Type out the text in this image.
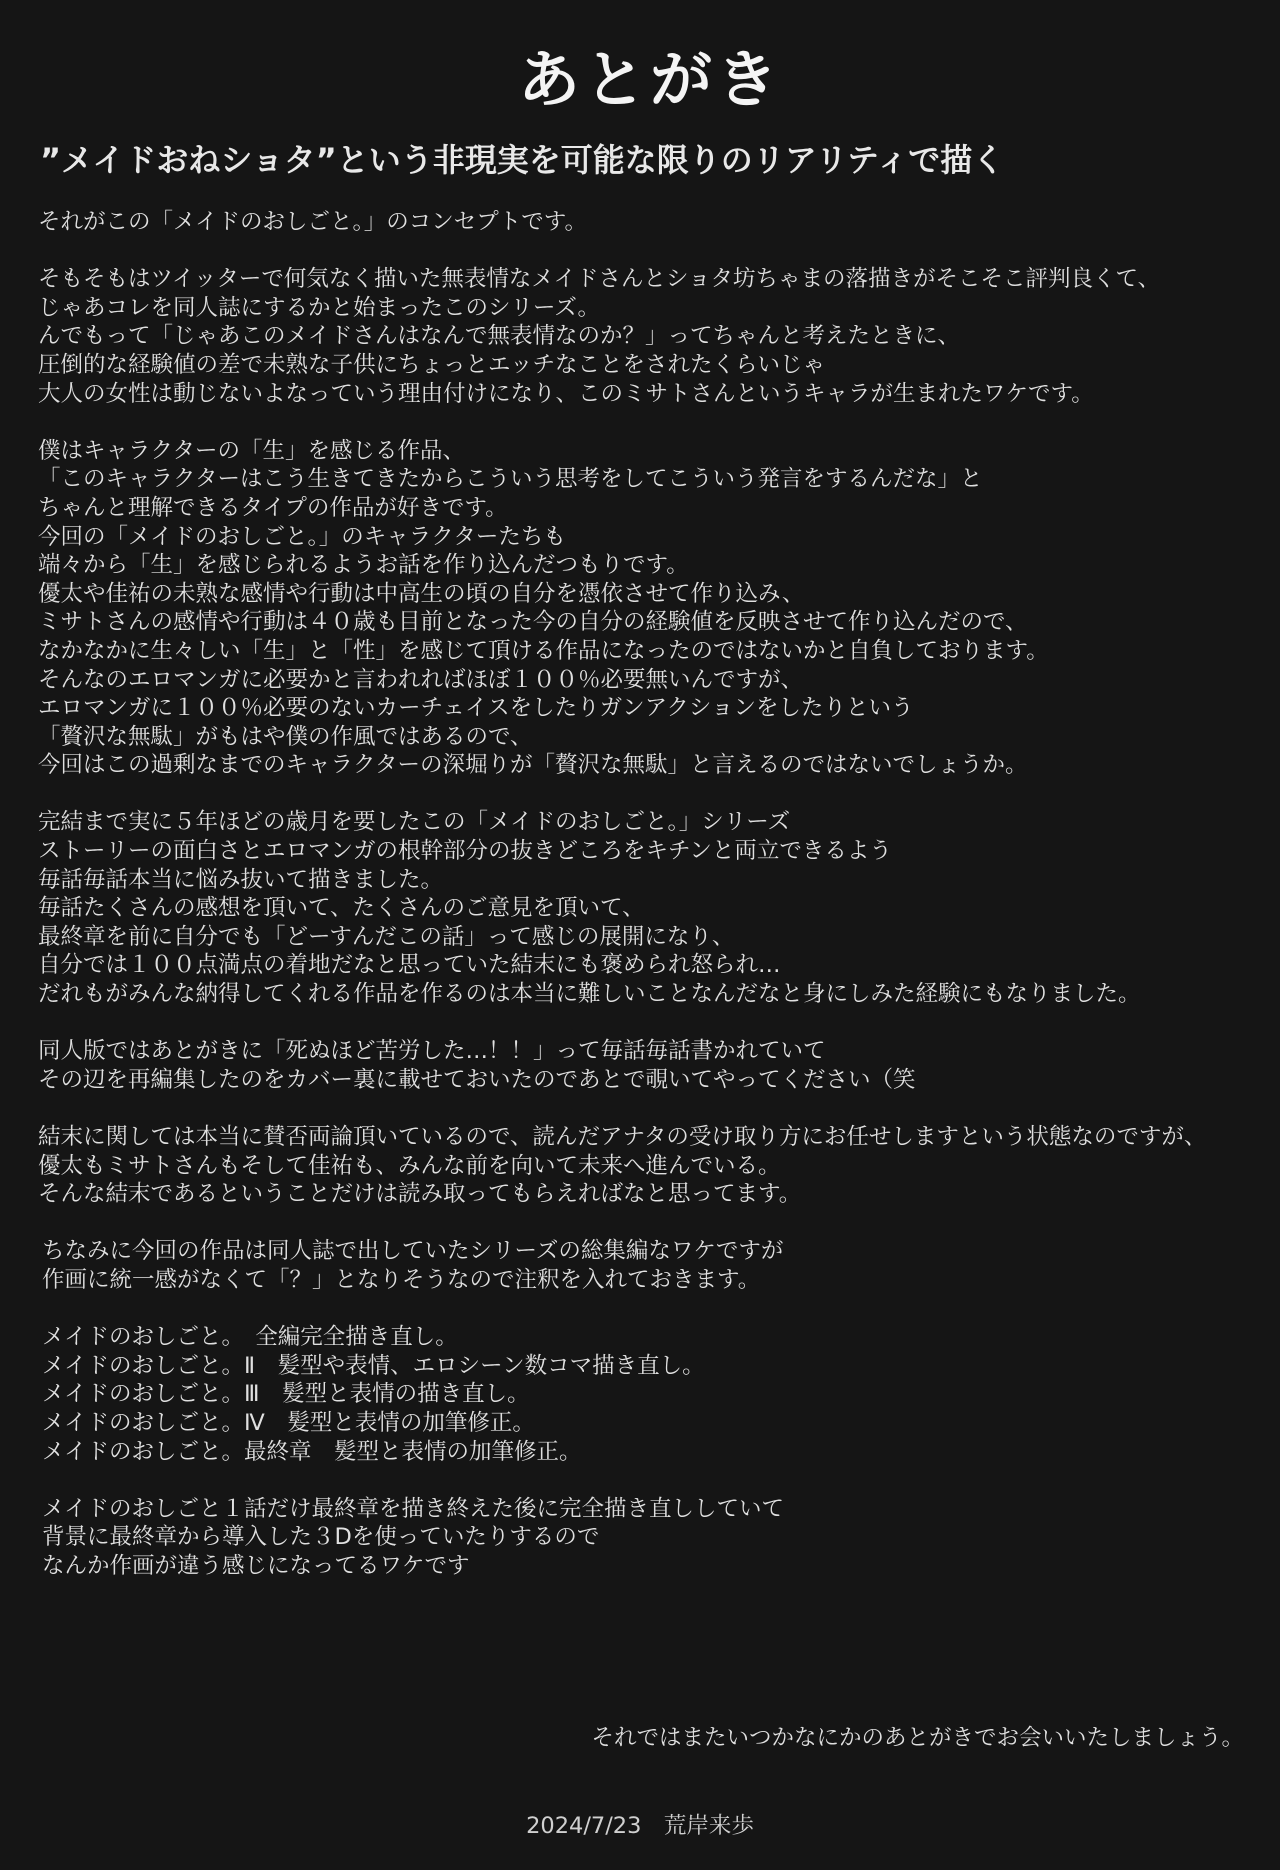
あとがき
”メイドおねショタ”という非現実を可能な限りのリアリティで描く
それがこの「メイドのおしごと。」のコンセプトです。
そもそもはツイッターで何気なく描いた無表情なメイドさんとショタ坊ちゃまの落描きがそこそこ評判良くて、
じゃあコレを同人誌にするかと始まったこのシリーズ。
んでもって「じゃあこのメイドさんはなんで無表情なのか？」ってちゃんと考えたときに、
圧倒的な経験値の差で未熟な子供にちょっとエッチなことをされたくらいじゃ
大人の女性は動じないよなっていう理由付けになり、このミサトさんというキャラが生まれたワケです。
僕はキャラクターの「生」を感じる作品、
「このキャラクターはこう生きてきたからこういう思考をしてこういう発言をするんだな」と
ちゃんと理解できるタイプの作品が好きです。
今回の「メイドのおしごと。」のキャラクターたちも
端々から「生」を感じられるようお話を作り込んだつもりです。
優太や佳祐の未熟な感情や行動は中高生の頃の自分を憑依させて作り込み、
ミサトさんの感情や行動は４０歳も目前となった今の自分の経験値を反映させて作り込んだので、
なかなかに生々しい「生」と「性」を感じて頂ける作品になったのではないかと自負しております。
そんなのエロマンガに必要かと言われればほぼ１００％必要無いんですが、
エロマンガに１００％必要のないカーチェイスをしたりガンアクションをしたりという
「贅沢な無駄」がもはや僕の作風ではあるので、
今回はこの過剰なまでのキャラクターの深堀りが「贅沢な無駄」と言えるのではないでしょうか。
完結まで実に５年ほどの歳月を要したこの「メイドのおしごと。」シリーズ
ストーリーの面白さとエロマンガの根幹部分の抜きどころをキチンと両立できるよう
毎話毎話本当に悩み抜いて描きました。
毎話たくさんの感想を頂いて、たくさんのご意見を頂いて、
最終章を前に自分でも「どーすんだこの話」って感じの展開になり、
自分では１００点満点の着地だなと思っていた結末にも褒められ怒られ…
だれもがみんな納得してくれる作品を作るのは本当に難しいことなんだなと身にしみた経験にもなりました。
同人版ではあとがきに「死ぬほど苦労した…！！」って毎話毎話書かれていて
その辺を再編集したのをカバー裏に載せておいたのであとで覗いてやってください（笑
結末に関しては本当に賛否両論頂いているので、読んだアナタの受け取り方にお任せしますという状態なのですが、
優太もミサトさんもそして佳祐も、みんな前を向いて未来へ進んでいる。
そんな結末であるということだけは読み取ってもらえればなと思ってます。
ちなみに今回の作品は同人誌で出していたシリーズの総集編なワケですが
作画に統一感がなくて「？」となりそうなので注釈を入れておきます。
メイドのおしごと。　全編完全描き直し。
メイドのおしごと。Ⅱ　髪型や表情、エロシーン数コマ描き直し。
メイドのおしごと。Ⅲ　髪型と表情の描き直し。
メイドのおしごと。Ⅳ　髪型と表情の加筆修正。
メイドのおしごと。最終章　髪型と表情の加筆修正。
メイドのおしごと１話だけ最終章を描き終えた後に完全描き直ししていて
背景に最終章から導入した３Dを使っていたりするので
なんか作画が違う感じになってるワケです
それではまたいつかなにかのあとがきでお会いいたしましょう。
2024/7/23　荒岸来歩
